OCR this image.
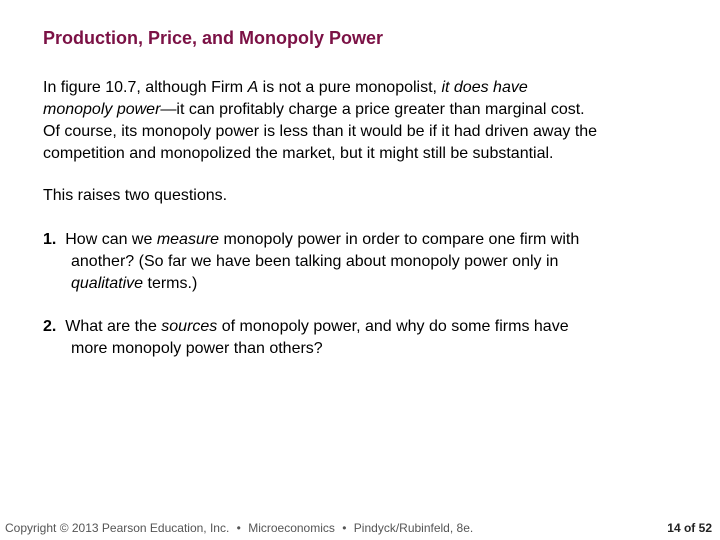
Production, Price, and Monopoly Power
In figure 10.7, although Firm A is not a pure monopolist, it does have
monopoly power—it can profitably charge a price greater than marginal cost.
Of course, its monopoly power is less than it would be if it had driven away the
competition and monopolized the market, but it might still be substantial.
This raises two questions.
1.  How can we measure monopoly power in order to compare one firm with
another? (So far we have been talking about monopoly power only in
qualitative terms.)
2.  What are the sources of monopoly power, and why do some firms have
more monopoly power than others?
Copyright © 2013 Pearson Education, Inc. • Microeconomics • Pindyck/Rubinfeld, 8e.	14 of 52
